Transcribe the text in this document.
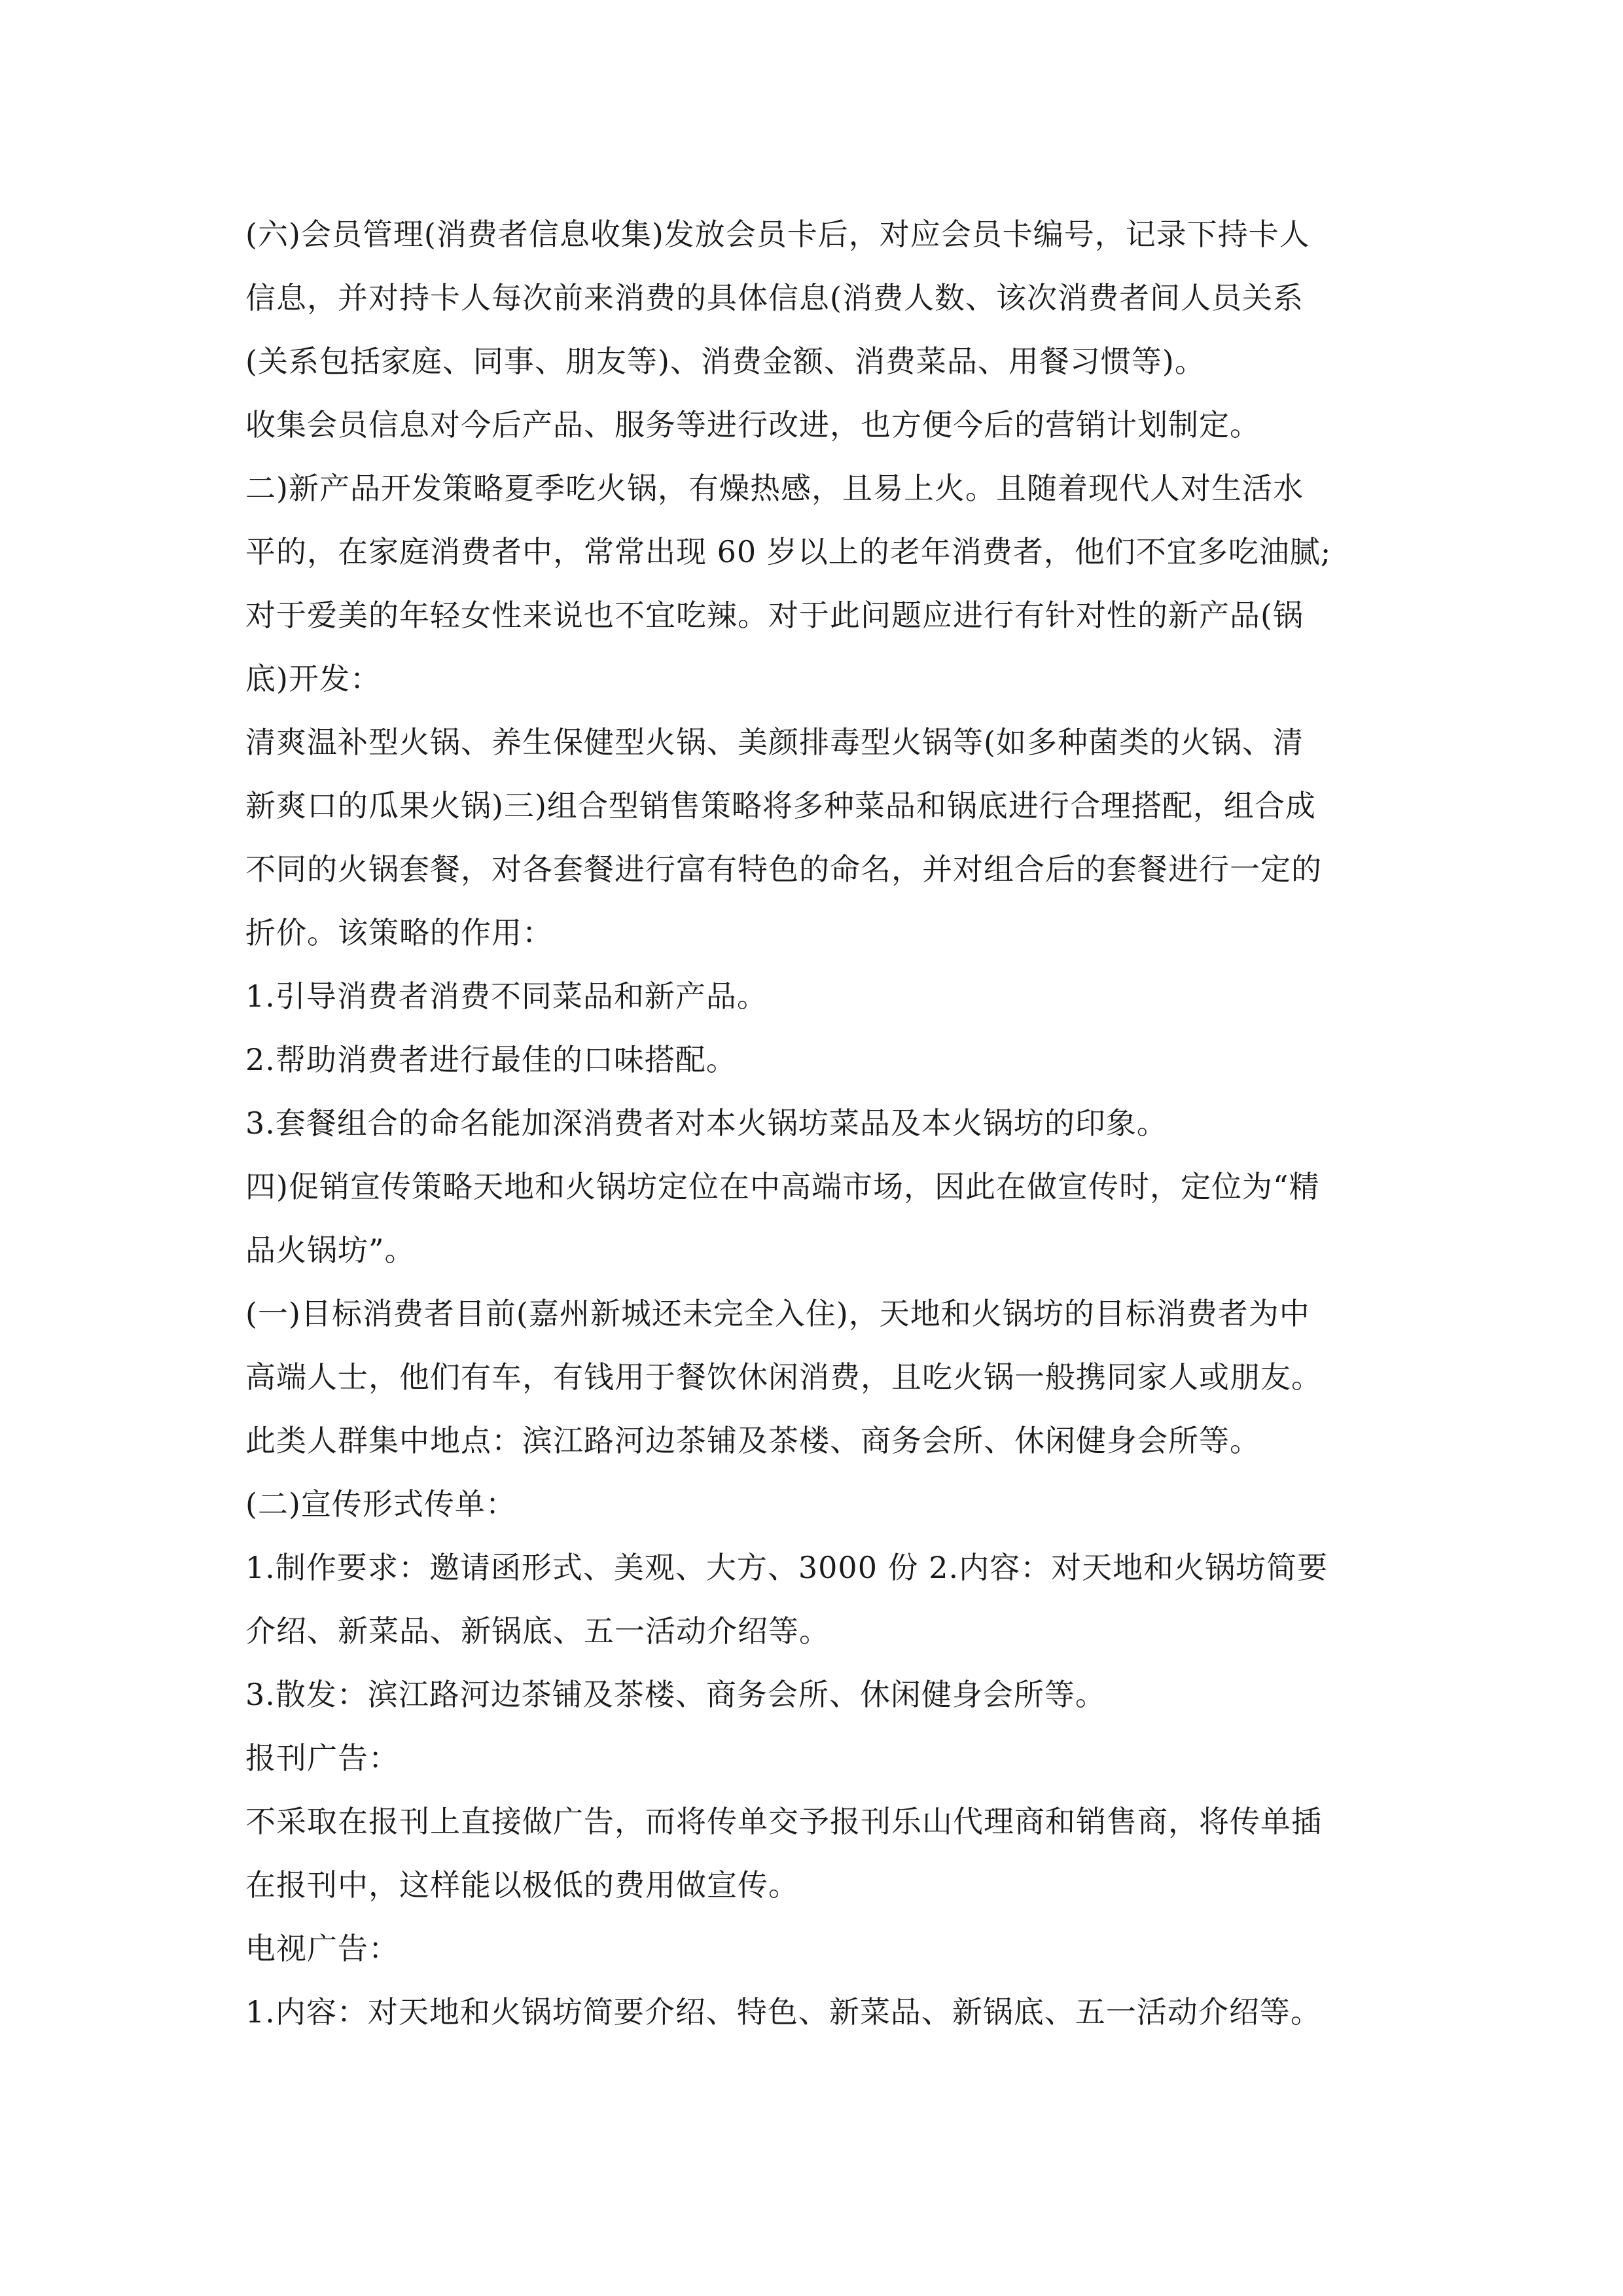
(六)会员管理(消费者信息收集)发放会员卡后，对应会员卡编号，记录下持卡人
信息，并对持卡人每次前来消费的具体信息(消费人数、该次消费者间人员关系
(关系包括家庭、同事、朋友等)、消费金额、消费菜品、用餐习惯等)。
收集会员信息对今后产品、服务等进行改进，也方便今后的营销计划制定。
二)新产品开发策略夏季吃火锅，有燥热感，且易上火。且随着现代人对生活水
平的，在家庭消费者中，常常出现 60 岁以上的老年消费者，他们不宜多吃油腻;
对于爱美的年轻女性来说也不宜吃辣。对于此问题应进行有针对性的新产品(锅
底)开发：
清爽温补型火锅、养生保健型火锅、美颜排毒型火锅等(如多种菌类的火锅、清
新爽口的瓜果火锅)三)组合型销售策略将多种菜品和锅底进行合理搭配，组合成
不同的火锅套餐，对各套餐进行富有特色的命名，并对组合后的套餐进行一定的
折价。该策略的作用：
1.引导消费者消费不同菜品和新产品。
2.帮助消费者进行最佳的口味搭配。
3.套餐组合的命名能加深消费者对本火锅坊菜品及本火锅坊的印象。
四)促销宣传策略天地和火锅坊定位在中高端市场，因此在做宣传时，定位为“精
品火锅坊”。
(一)目标消费者目前(嘉州新城还未完全入住)，天地和火锅坊的目标消费者为中
高端人士，他们有车，有钱用于餐饮休闲消费，且吃火锅一般携同家人或朋友。
此类人群集中地点：滨江路河边茶铺及茶楼、商务会所、休闲健身会所等。
(二)宣传形式传单：
1.制作要求：邀请函形式、美观、大方、3000 份 2.内容：对天地和火锅坊简要
介绍、新菜品、新锅底、五一活动介绍等。
3.散发：滨江路河边茶铺及茶楼、商务会所、休闲健身会所等。
报刊广告：
不采取在报刊上直接做广告，而将传单交予报刊乐山代理商和销售商，将传单插
在报刊中，这样能以极低的费用做宣传。
电视广告：
1.内容：对天地和火锅坊简要介绍、特色、新菜品、新锅底、五一活动介绍等。
